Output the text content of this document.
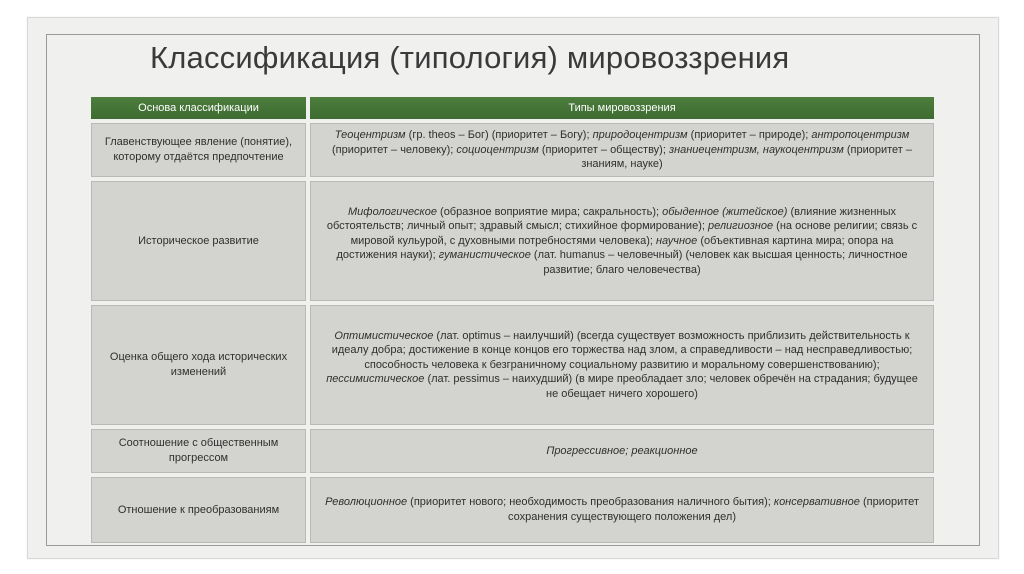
Классификация (типология) мировоззрения
Основа классификации	Типы мировоззрения
Главенствующее явление (понятие), которому отдаётся предпочтение	Теоцентризм (гр. theos – Бог) (приоритет – Богу); природоцентризм (приоритет – природе); антропоцентризм (приоритет – человеку); социоцентризм (приоритет – обществу); знаниецентризм, наукоцентризм (приоритет – знаниям, науке)
Историческое развитие	Мифологическое (образное воприятие мира; сакральность); обыденное (житейское) (влияние жизненных обстоятельств; личный опыт; здравый смысл; стихийное формирование); религиозное (на основе религии; связь с мировой кульурой, с духовными потребностями человека); научное (объективная картина мира; опора на достижения науки); гуманистическое (лат. humanus – человечный) (человек как высшая ценность; личностное развитие; благо человечества)
Оценка общего хода исторических изменений	Оптимистическое (лат. optimus – наилучший) (всегда существует возможность приблизить действительность к идеалу добра; достижение в конце концов его торжества над злом, а справедливости – над несправедливостью; способность человека к безграничному социальному развитию и моральному совершенствованию); пессимистическое (лат. pessimus – наихудший) (в мире преобладает зло; человек обречён на страдания; будущее не обещает ничего хорошего)
Соотношение с общественным прогрессом	Прогрессивное; реакционное
Отношение к преобразованиям	Революционное (приоритет нового; необходимость преобразования наличного бытия); консервативное (приоритет сохранения существующего положения дел)
